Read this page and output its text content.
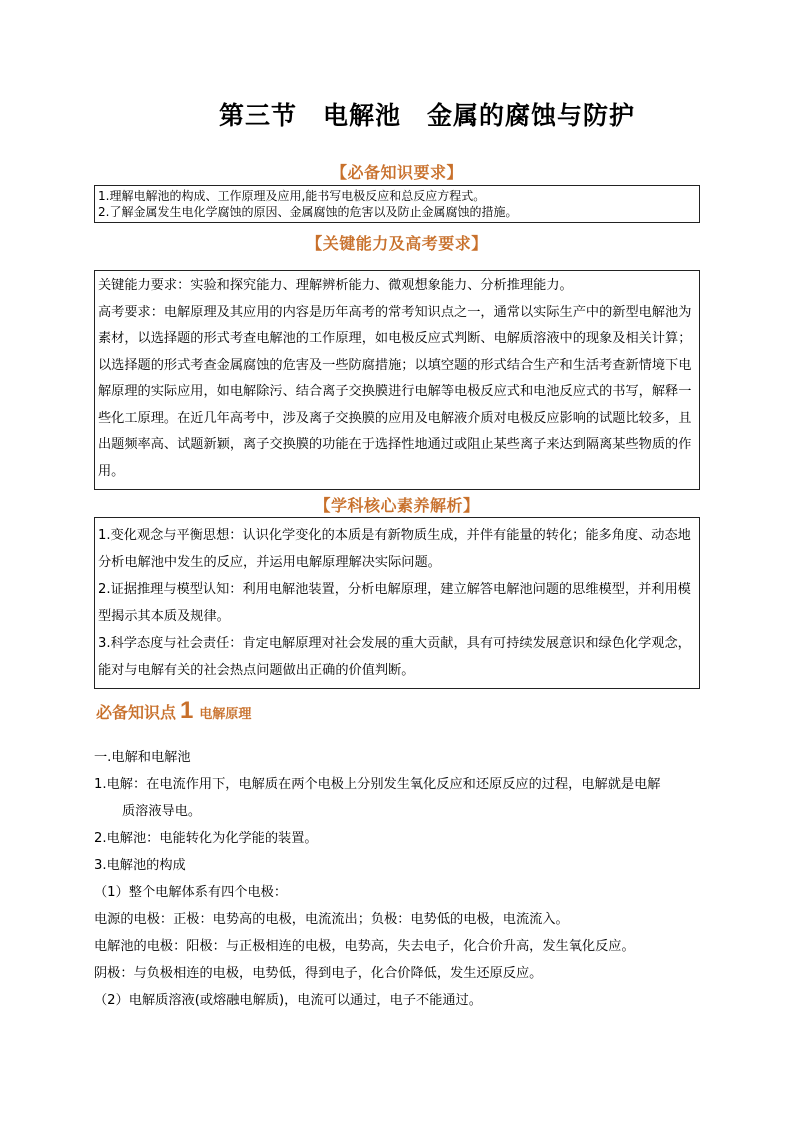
第三节　电解池　金属的腐蚀与防护
【必备知识要求】

1.理解电解池的构成、工作原理及应用,能书写电极反应和总反应方程式。

2.了解金属发生电化学腐蚀的原因、金属腐蚀的危害以及防止金属腐蚀的措施。

【关键能力及高考要求】

关键能力要求：实验和探究能力、理解辨析能力、微观想象能力、分析推理能力。

高考要求：电解原理及其应用的内容是历年高考的常考知识点之一，通常以实际生产中的新型电解池为素材，以选择题的形式考查电解池的工作原理，如电极反应式判断、电解质溶液中的现象及相关计算；以选择题的形式考查金属腐蚀的危害及一些防腐措施；以填空题的形式结合生产和生活考查新情境下电解原理的实际应用，如电解除污、结合离子交换膜进行电解等电极反应式和电池反应式的书写，解释一些化工原理。在近几年高考中，涉及离子交换膜的应用及电解液介质对电极反应影响的试题比较多，且出题频率高、试题新颖，离子交换膜的功能在于选择性地通过或阻止某些离子来达到隔离某些物质的作用。

【学科核心素养解析】

1.变化观念与平衡思想：认识化学变化的本质是有新物质生成，并伴有能量的转化；能多角度、动态地分析电解池中发生的反应，并运用电解原理解决实际问题。

2.证据推理与模型认知：利用电解池装置，分析电解原理，建立解答电解池问题的思维模型，并利用模型揭示其本质及规律。

3.科学态度与社会责任：肯定电解原理对社会发展的重大贡献，具有可持续发展意识和绿色化学观念，能对与电解有关的社会热点问题做出正确的价值判断。

必备知识点 1 电解原理

一.电解和电解池

1.电解：在电流作用下，电解质在两个电极上分别发生氧化反应和还原反应的过程，电解就是电解

质溶液导电。

2.电解池：电能转化为化学能的装置。

3.电解池的构成

（1）整个电解体系有四个电极：

电源的电极：正极：电势高的电极，电流流出；负极：电势低的电极，电流流入。

电解池的电极：阳极：与正极相连的电极，电势高，失去电子，化合价升高，发生氧化反应。

阴极：与负极相连的电极，电势低，得到电子，化合价降低，发生还原反应。

（2）电解质溶液(或熔融电解质)，电流可以通过，电子不能通过。
